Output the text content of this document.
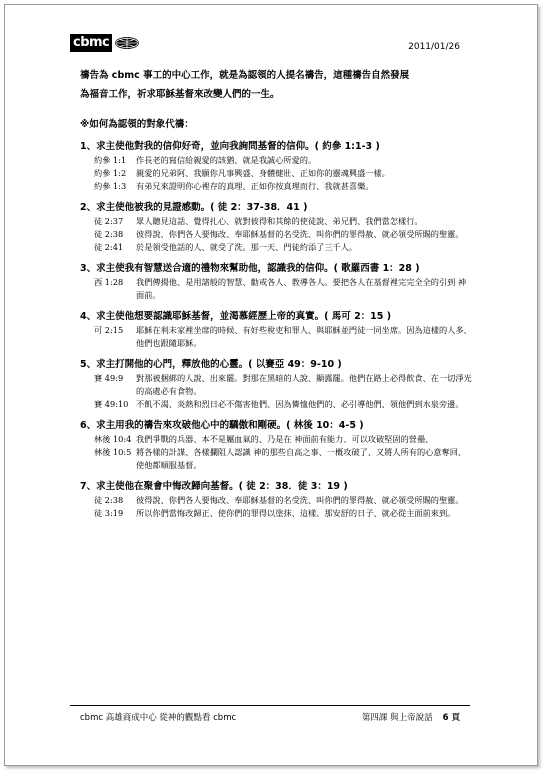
cbmc	2011/01/26

禱告為 cbmc 事工的中心工作，就是為認領的人提名禱告，這種禱告自然發展

為福音工作，祈求耶穌基督來改變人們的一生。

※如何為認領的對象代禱：

1、求主使他對我的信仰好奇，並向我詢問基督的信仰。( 約參 1:1-3 )

約參 1:1	作長老的寫信給親愛的該猶、就是我誠心所愛的。
約參 1:2	親愛的兄弟阿、我願你凡事興盛、身體健壯、正如你的靈魂興盛一樣。
約參 1:3	有弟兄來證明你心裡存的真理、正如你按真理而行、我就甚喜樂。

2、求主使他被我的見證感動。( 徒 2：37-38．41 )

徒 2:37	眾人聽見這話、覺得扎心、就對彼得和其餘的使徒說、弟兄們、我們當怎樣行。
徒 2:38	彼得說、你們各人要悔改、奉耶穌基督的名受洗、叫你們的罪得赦、就必領受所賜的聖靈。
徒 2:41	於是領受他話的人、就受了洗。那一天、門徒約添了三千人。

3、求主使我有智慧送合適的禮物來幫助他，認識我的信仰。( 歌羅西書 1：28 )

西 1:28	我們傳揚他、是用諸般的智慧、勸戒各人、教導各人。要把各人在基督裡完完全全的引到 神面前。

4、求主使他想要認識耶穌基督，並渴慕經歷上帝的真實。( 馬可 2：15 )

可 2:15	耶穌在利未家裡坐席的時候、有好些稅吏和罪人、與耶穌並門徒一同坐席。因為這樣的人多、他們也跟隨耶穌。

5、求主打開他的心門，釋放他的心靈。( 以賽亞 49：9-10 )

賽 49:9	對那被捆綁的人說、出來罷。對那在黑暗的人說、顯露罷。他們在路上必得飲食、在一切淨光的高處必有食物。
賽 49:10 不飢不渴、炎熱和烈日必不傷害他們、因為憐恤他們的、必引導他們、領他們到水泉旁邊。

6、求主用我的禱告來攻破他心中的驕傲和剛硬。( 林後 10：4-5 )

林後 10:4 我們爭戰的兵器、本不是屬血氣的、乃是在 神面前有能力、可以攻破堅固的營壘、
林後 10:5 將各樣的計謀、各樣攔阻人認識 神的那些自高之事、一概攻破了、又將人所有的心意奪回、使他都順服基督。

7、求主使他在聚會中悔改歸向基督。( 徒 2：38．徒 3：19 )

徒 2:38	彼得說、你們各人要悔改、奉耶穌基督的名受洗、叫你們的罪得赦、就必領受所賜的聖靈。
徒 3:19	所以你們當悔改歸正、使你們的罪得以塗抹、這樣、那安舒的日子、就必從主面前來到。
cbmc 高雄商成中心 從神的觀點看 cbmc	第四課 與上帝說話 6 頁
